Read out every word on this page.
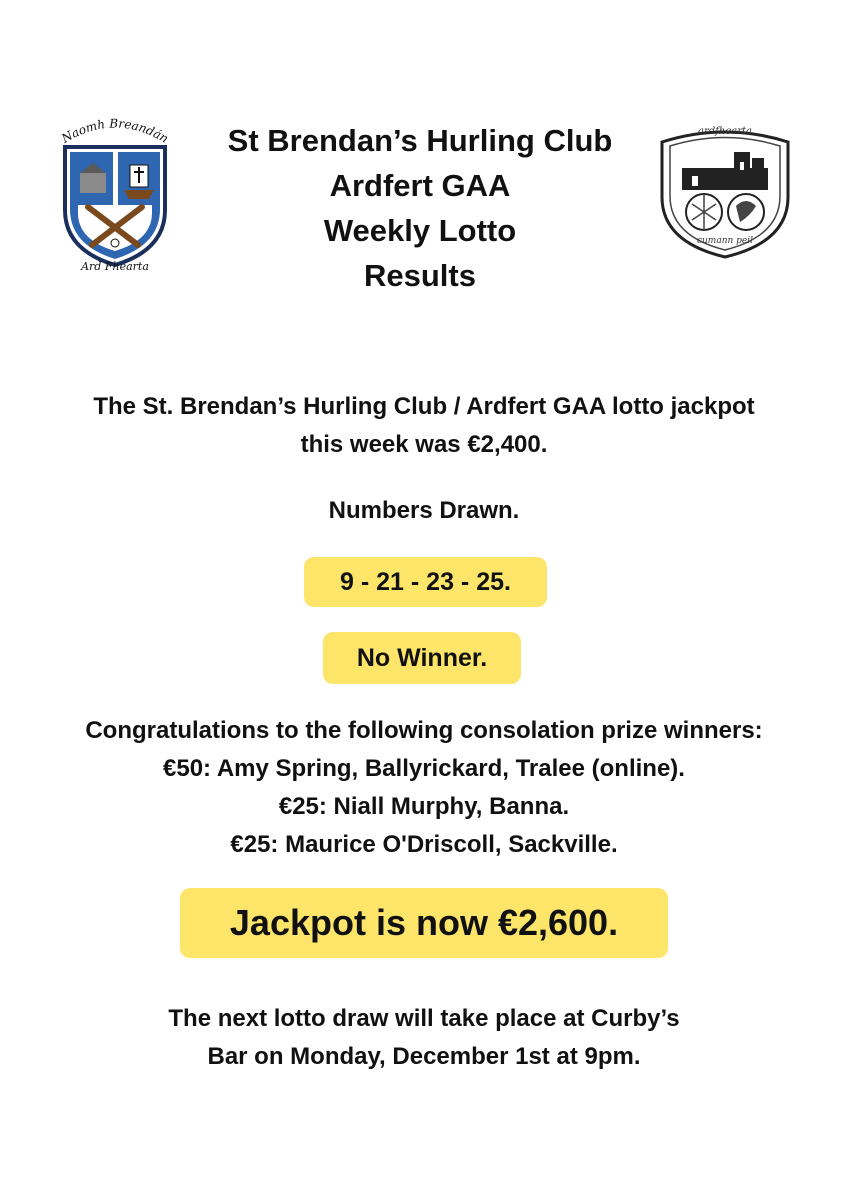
Naomh Breandán
Ard Fhearta
ardfhearta
cumann peil
St Brendan’s Hurling Club
Ardfert GAA
Weekly Lotto
Results
The St. Brendan’s Hurling Club / Ardfert GAA lotto jackpot
this week was €2,400.
Numbers Drawn.
9 - 21 - 23 - 25.
No Winner.
Congratulations to the following consolation prize winners:
€50: Amy Spring, Ballyrickard, Tralee (online).
€25: Niall Murphy, Banna.
€25: Maurice O'Driscoll, Sackville.
Jackpot is now €2,600.
The next lotto draw will take place at Curby’s
Bar on Monday, December 1st at 9pm.
